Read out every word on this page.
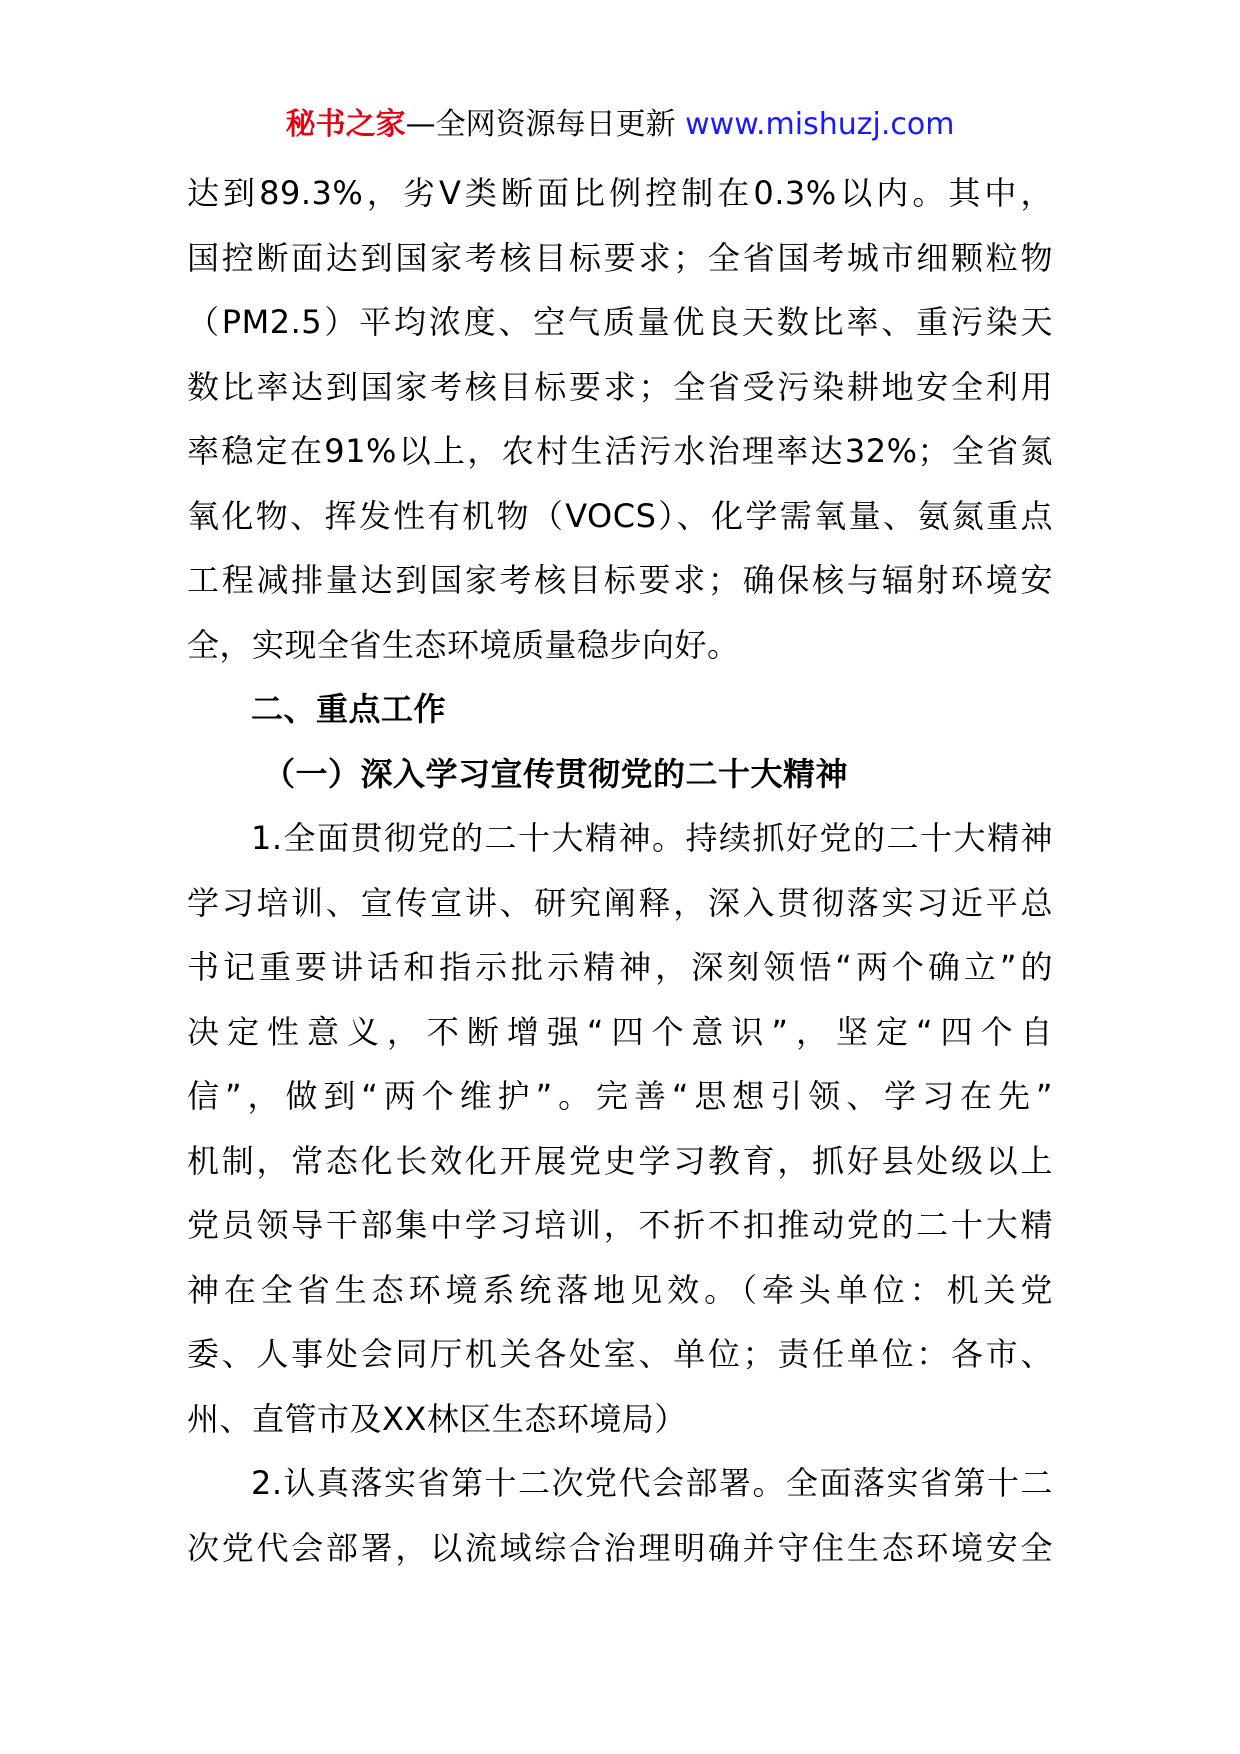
秘书之家—全网资源每日更新 www.mishuzj.com

达到89.3%，劣Ⅴ类断面比例控制在0.3%以内。其中，
国控断面达到国家考核目标要求；全省国考城市细颗粒物
（PM2.5）平均浓度、空气质量优良天数比率、重污染天
数比率达到国家考核目标要求；全省受污染耕地安全利用
率稳定在91%以上，农村生活污水治理率达32%；全省氮
氧化物、挥发性有机物（VOCS）、化学需氧量、氨氮重点
工程减排量达到国家考核目标要求；确保核与辐射环境安
全，实现全省生态环境质量稳步向好。

二、重点工作

（一）深入学习宣传贯彻党的二十大精神

1.全面贯彻党的二十大精神。持续抓好党的二十大精神
学习培训、宣传宣讲、研究阐释，深入贯彻落实习近平总
书记重要讲话和指示批示精神，深刻领悟“两个确立”的
决定性意义，不断增强“四个意识”，坚定“四个自
信”，做到“两个维护”。完善“思想引领、学习在先”
机制，常态化长效化开展党史学习教育，抓好县处级以上
党员领导干部集中学习培训，不折不扣推动党的二十大精
神在全省生态环境系统落地见效。（牵头单位：机关党
委、人事处会同厅机关各处室、单位；责任单位：各市、
州、直管市及XX林区生态环境局）

2.认真落实省第十二次党代会部署。全面落实省第十二
次党代会部署，以流域综合治理明确并守住生态环境安全
